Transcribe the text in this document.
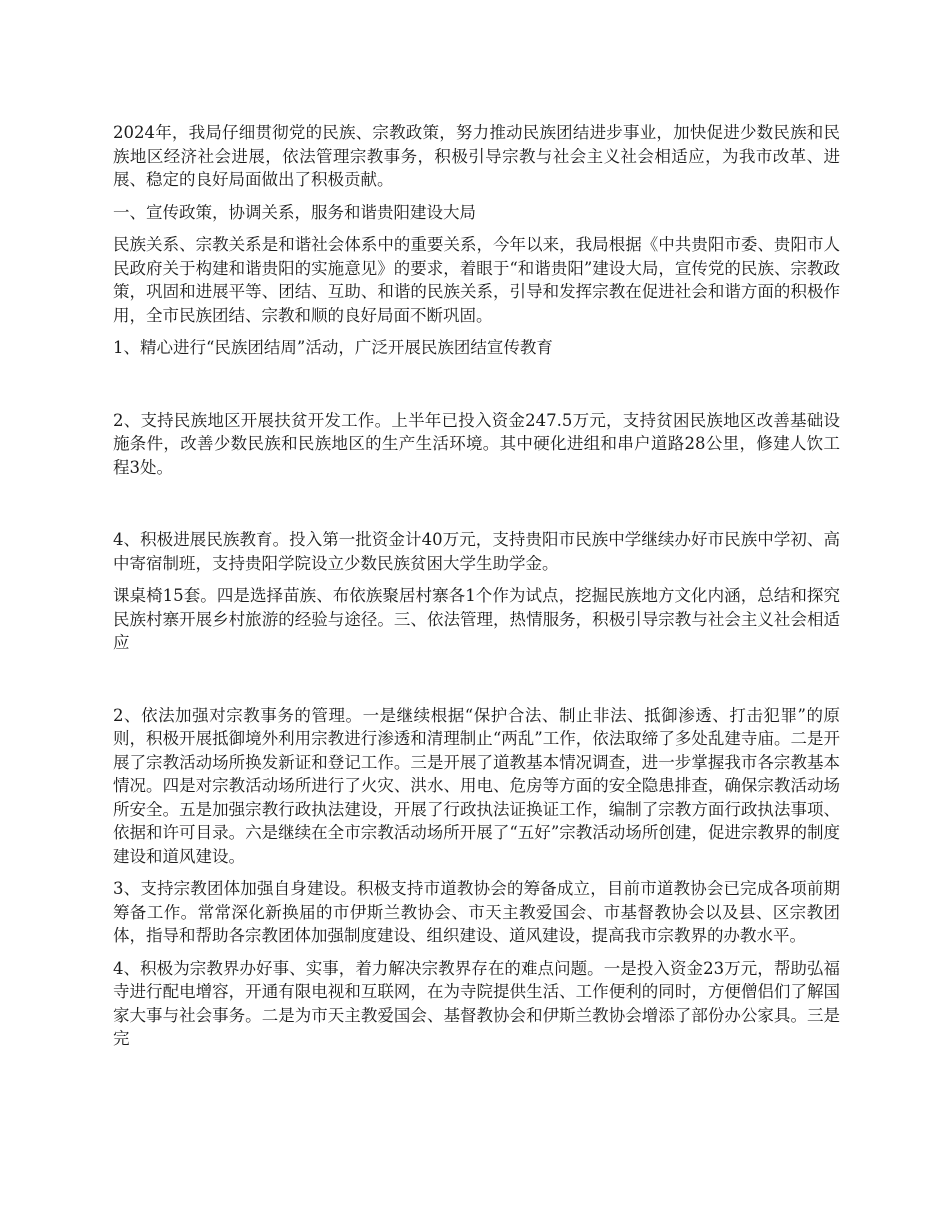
2024年，我局仔细贯彻党的民族、宗教政策，努力推动民族团结进步事业，加快促进少数民族和民族地区经济社会进展，依法管理宗教事务，积极引导宗教与社会主义社会相适应，为我市改革、进展、稳定的良好局面做出了积极贡献。

一、宣传政策，协调关系，服务和谐贵阳建设大局

民族关系、宗教关系是和谐社会体系中的重要关系，今年以来，我局根据《中共贵阳市委、贵阳市人民政府关于构建和谐贵阳的实施意见》的要求，着眼于“和谐贵阳”建设大局，宣传党的民族、宗教政策，巩固和进展平等、团结、互助、和谐的民族关系，引导和发挥宗教在促进社会和谐方面的积极作用，全市民族团结、宗教和顺的良好局面不断巩固。

1、精心进行“民族团结周”活动，广泛开展民族团结宣传教育

2、支持民族地区开展扶贫开发工作。上半年已投入资金247.5万元，支持贫困民族地区改善基础设施条件，改善少数民族和民族地区的生产生活环境。其中硬化进组和串户道路28公里，修建人饮工程3处。

4、积极进展民族教育。投入第一批资金计40万元，支持贵阳市民族中学继续办好市民族中学初、高中寄宿制班，支持贵阳学院设立少数民族贫困大学生助学金。

课桌椅15套。四是选择苗族、布依族聚居村寨各1个作为试点，挖掘民族地方文化内涵，总结和探究民族村寨开展乡村旅游的经验与途径。三、依法管理，热情服务，积极引导宗教与社会主义社会相适应

2、依法加强对宗教事务的管理。一是继续根据“保护合法、制止非法、抵御渗透、打击犯罪”的原则，积极开展抵御境外利用宗教进行渗透和清理制止“两乱”工作，依法取缔了多处乱建寺庙。二是开展了宗教活动场所换发新证和登记工作。三是开展了道教基本情况调查，进一步掌握我市各宗教基本情况。四是对宗教活动场所进行了火灾、洪水、用电、危房等方面的安全隐患排查，确保宗教活动场所安全。五是加强宗教行政执法建设，开展了行政执法证换证工作，编制了宗教方面行政执法事项、依据和许可目录。六是继续在全市宗教活动场所开展了“五好”宗教活动场所创建，促进宗教界的制度建设和道风建设。

3、支持宗教团体加强自身建设。积极支持市道教协会的筹备成立，目前市道教协会已完成各项前期筹备工作。常常深化新换届的市伊斯兰教协会、市天主教爱国会、市基督教协会以及县、区宗教团体，指导和帮助各宗教团体加强制度建设、组织建设、道风建设，提高我市宗教界的办教水平。

4、积极为宗教界办好事、实事，着力解决宗教界存在的难点问题。一是投入资金23万元，帮助弘福寺进行配电增容，开通有限电视和互联网，在为寺院提供生活、工作便利的同时，方便僧侣们了解国家大事与社会事务。二是为市天主教爱国会、基督教协会和伊斯兰教协会增添了部份办公家具。三是完
